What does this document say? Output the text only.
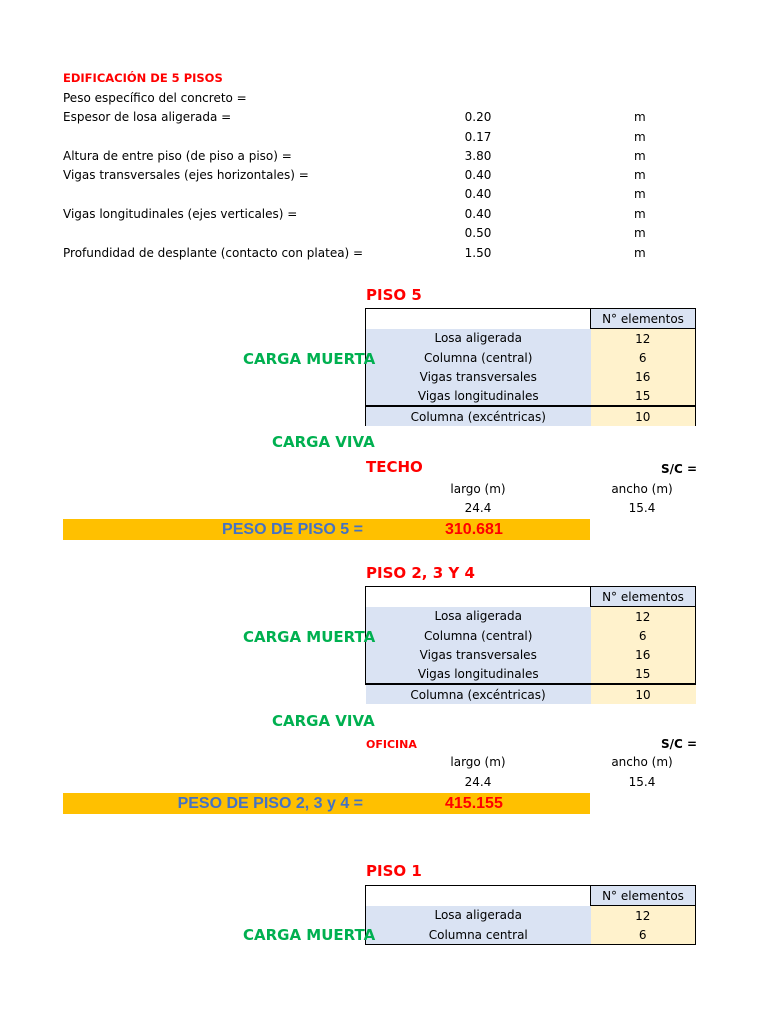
EDIFICACIÓN DE 5 PISOS
Peso específico del concreto =
Espesor de losa aligerada =	0.20	m
0.17	m
Altura de entre piso (de piso a piso) =	3.80	m
Vigas transversales (ejes horizontales) =	0.40	m
0.40	m
Vigas longitudinales (ejes verticales) =	0.40	m
0.50	m
Profundidad de desplante (contacto con platea) =	1.50	m
PISO 5
	N° elementos
Losa aligerada	12
Columna (central)	6
Vigas transversales	16
Vigas longitudinales	15
Columna (excéntricas)	10
CARGA MUERTA
CARGA VIVA
TECHO	S/C =
largo (m)	ancho (m)
24.4	15.4
PESO DE PISO 5 =	310.681
PISO 2, 3 Y 4
	N° elementos
Losa aligerada	12
Columna (central)	6
Vigas transversales	16
Vigas longitudinales	15
Columna (excéntricas)	10
CARGA MUERTA
CARGA VIVA
OFICINA	S/C =
largo (m)	ancho (m)
24.4	15.4
PESO DE PISO 2, 3 y 4 =	415.155
PISO 1
	N° elementos
Losa aligerada	12
Columna central	6
CARGA MUERTA
